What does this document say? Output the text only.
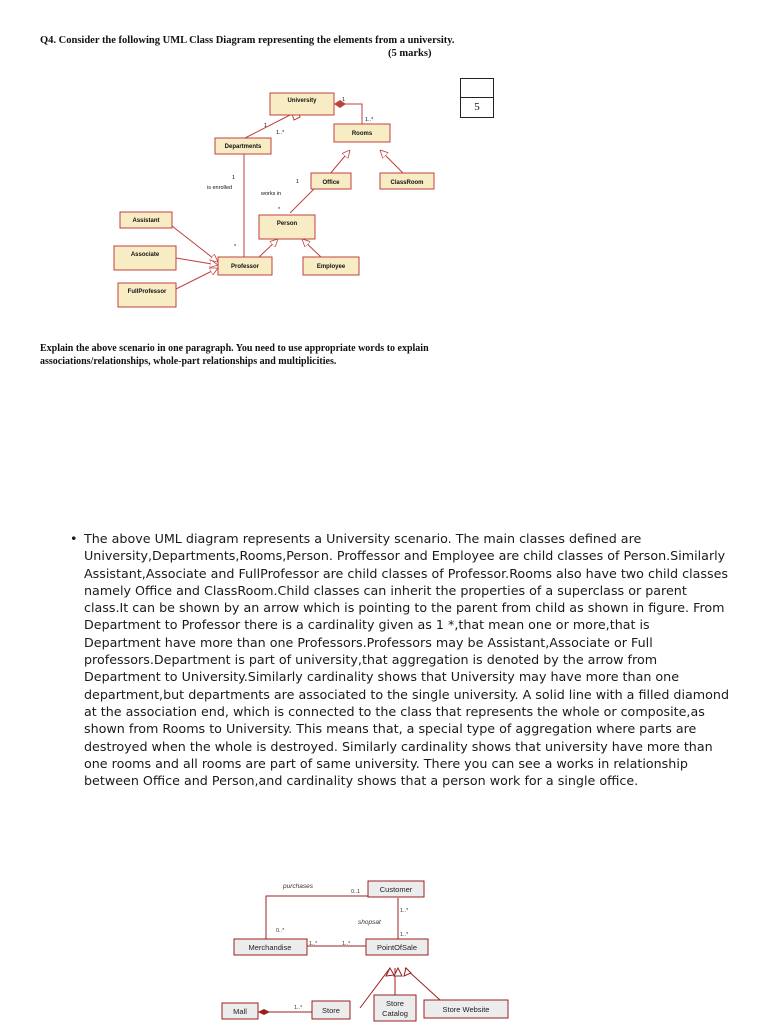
Q4. Consider the following UML Class Diagram representing the elements from a university.
(5 marks)
5
University
Rooms
Departments
Office	ClassRoom
Person
Assistant
Associate
Professor	Employee
FullProfessor
1
1..*
1
1..*
1
is enrolled
1
works in
*
*
Explain the above scenario in one paragraph. You need to use appropriate words to explain associations/relationships, whole-part relationships and multiplicities.
• The above UML diagram represents a University scenario. The main classes defined are University,Departments,Rooms,Person. Proffessor and Employee are child classes of Person.Similarly Assistant,Associate and FullProfessor are child classes of Professor.Rooms also have two child classes namely Office and ClassRoom.Child classes can inherit the properties of a superclass or parent class.It can be shown by an arrow which is pointing to the parent from child as shown in figure. From Department to Professor there is a cardinality given as 1 *,that mean one or more,that is Department have more than one Professors.Professors may be Assistant,Associate or Full professors.Department is part of university,that aggregation is denoted by the arrow from Department to University.Similarly cardinality shows that University may have more than one department,but departments are associated to the single university. A solid line with a filled diamond at the association end, which is connected to the class that represents the whole or composite,as shown from Rooms to University. This means that, a special type of aggregation where parts are destroyed when the whole is destroyed. Similarly cardinality shows that university have more than one rooms and all rooms are part of same university. There you can see a works in relationship between Office and Person,and cardinality shows that a person work for a single office.
Customer
Merchandise	PointOfSale
Mall	Store
Store
Catalog	Store Website
purchases
shopsat
0..1
0..*
1..*
1..*
1..*	1..*
1..*
